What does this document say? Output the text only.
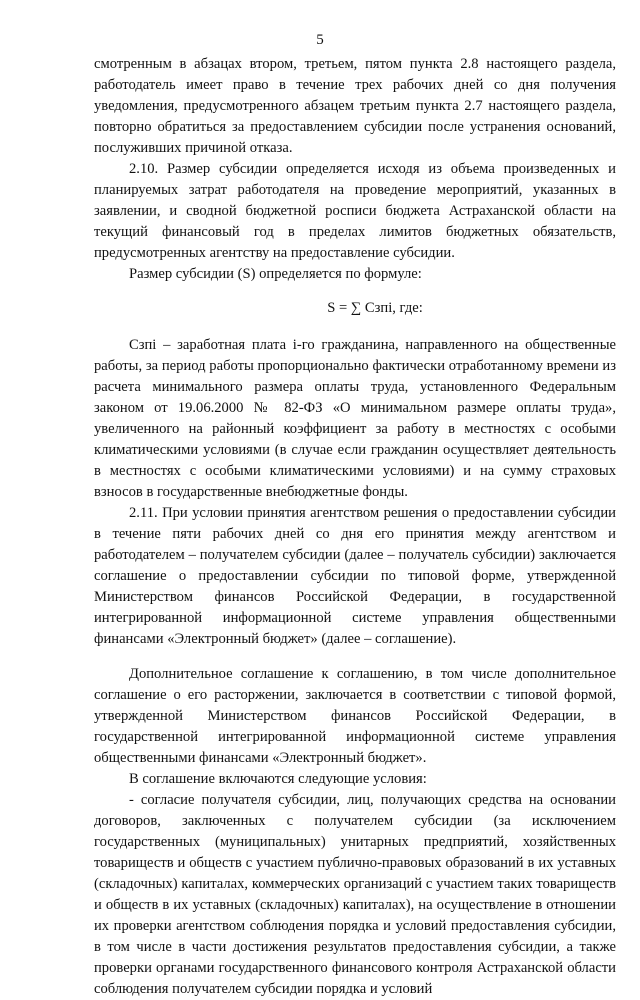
5

смотренным в абзацах втором, третьем, пятом пункта 2.8 настоящего раздела, работодатель имеет право в течение трех рабочих дней со дня получения уведомления, предусмотренного абзацем третьим пункта 2.7 настоящего раздела, повторно обратиться за предоставлением субсидии после устранения оснований, послуживших причиной отказа.

2.10. Размер субсидии определяется исходя из объема произведенных и планируемых затрат работодателя на проведение мероприятий, указанных в заявлении, и сводной бюджетной росписи бюджета Астраханской области на текущий финансовый год в пределах лимитов бюджетных обязательств, предусмотренных агентству на предоставление субсидии.

Размер субсидии (S) определяется по формуле:

S = ∑ Cзпi, где:

Cзпi – заработная плата i-го гражданина, направленного на общественные работы, за период работы пропорционально фактически отработанному времени из расчета минимального размера оплаты труда, установленного Федеральным законом от 19.06.2000 № 82-ФЗ «О минимальном размере оплаты труда», увеличенного на районный коэффициент за работу в местностях с особыми климатическими условиями (в случае если гражданин осуществляет деятельность в местностях с особыми климатическими условиями) и на сумму страховых взносов в государственные внебюджетные фонды.

2.11. При условии принятия агентством решения о предоставлении субсидии в течение пяти рабочих дней со дня его принятия между агентством и работодателем – получателем субсидии (далее – получатель субсидии) заключается соглашение о предоставлении субсидии по типовой форме, утвержденной Министерством финансов Российской Федерации, в государственной интегрированной информационной системе управления общественными финансами «Электронный бюджет» (далее – соглашение).

Дополнительное соглашение к соглашению, в том числе дополнительное соглашение о его расторжении, заключается в соответствии с типовой формой, утвержденной Министерством финансов Российской Федерации, в государственной интегрированной информационной системе управления общественными финансами «Электронный бюджет».

В соглашение включаются следующие условия:

- согласие получателя субсидии, лиц, получающих средства на основании договоров, заключенных с получателем субсидии (за исключением государственных (муниципальных) унитарных предприятий, хозяйственных товариществ и обществ с участием публично-правовых образований в их уставных (складочных) капиталах, коммерческих организаций с участием таких товариществ и обществ в их уставных (складочных) капиталах), на осуществление в отношении их проверки агентством соблюдения порядка и условий предоставления субсидии, в том числе в части достижения результатов предоставления субсидии, а также проверки органами государственного финансового контроля Астраханской области соблюдения получателем субсидии порядка и условий
